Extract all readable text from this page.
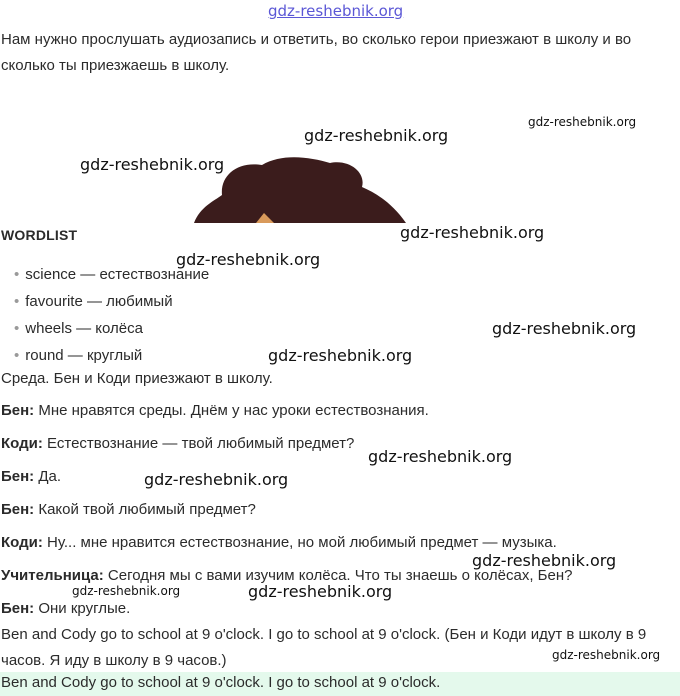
gdz-reshebnik.org
gdz-reshebnik.org
gdz-reshebnik.org
gdz-reshebnik.org
gdz-reshebnik.org
gdz-reshebnik.org
gdz-reshebnik.org
gdz-reshebnik.org
gdz-reshebnik.org
gdz-reshebnik.org
gdz-reshebnik.org
gdz-reshebnik.org	gdz-reshebnik.org
gdz-reshebnik.org
Нам нужно прослушать аудиозапись и ответить, во сколько герои приезжают в школу и во сколько ты приезжаешь в школу.
WORDLIST
• science — естествознание
• favourite — любимый
• wheels — колёса
• round — круглый
Среда. Бен и Коди приезжают в школу.
Бен: Мне нравятся среды. Днём у нас уроки естествознания.
Коди: Естествознание — твой любимый предмет?
Бен: Да.
Бен: Какой твой любимый предмет?
Коди: Ну... мне нравится естествознание, но мой любимый предмет — музыка.
Учительница: Сегодня мы с вами изучим колёса. Что ты знаешь о колёсах, Бен?
Бен: Они круглые.
Ben and Cody go to school at 9 o'clock. I go to school at 9 o'clock. (Бен и Коди идут в школу в 9 часов. Я иду в школу в 9 часов.)
Ben and Cody go to school at 9 o'clock. I go to school at 9 o'clock.
